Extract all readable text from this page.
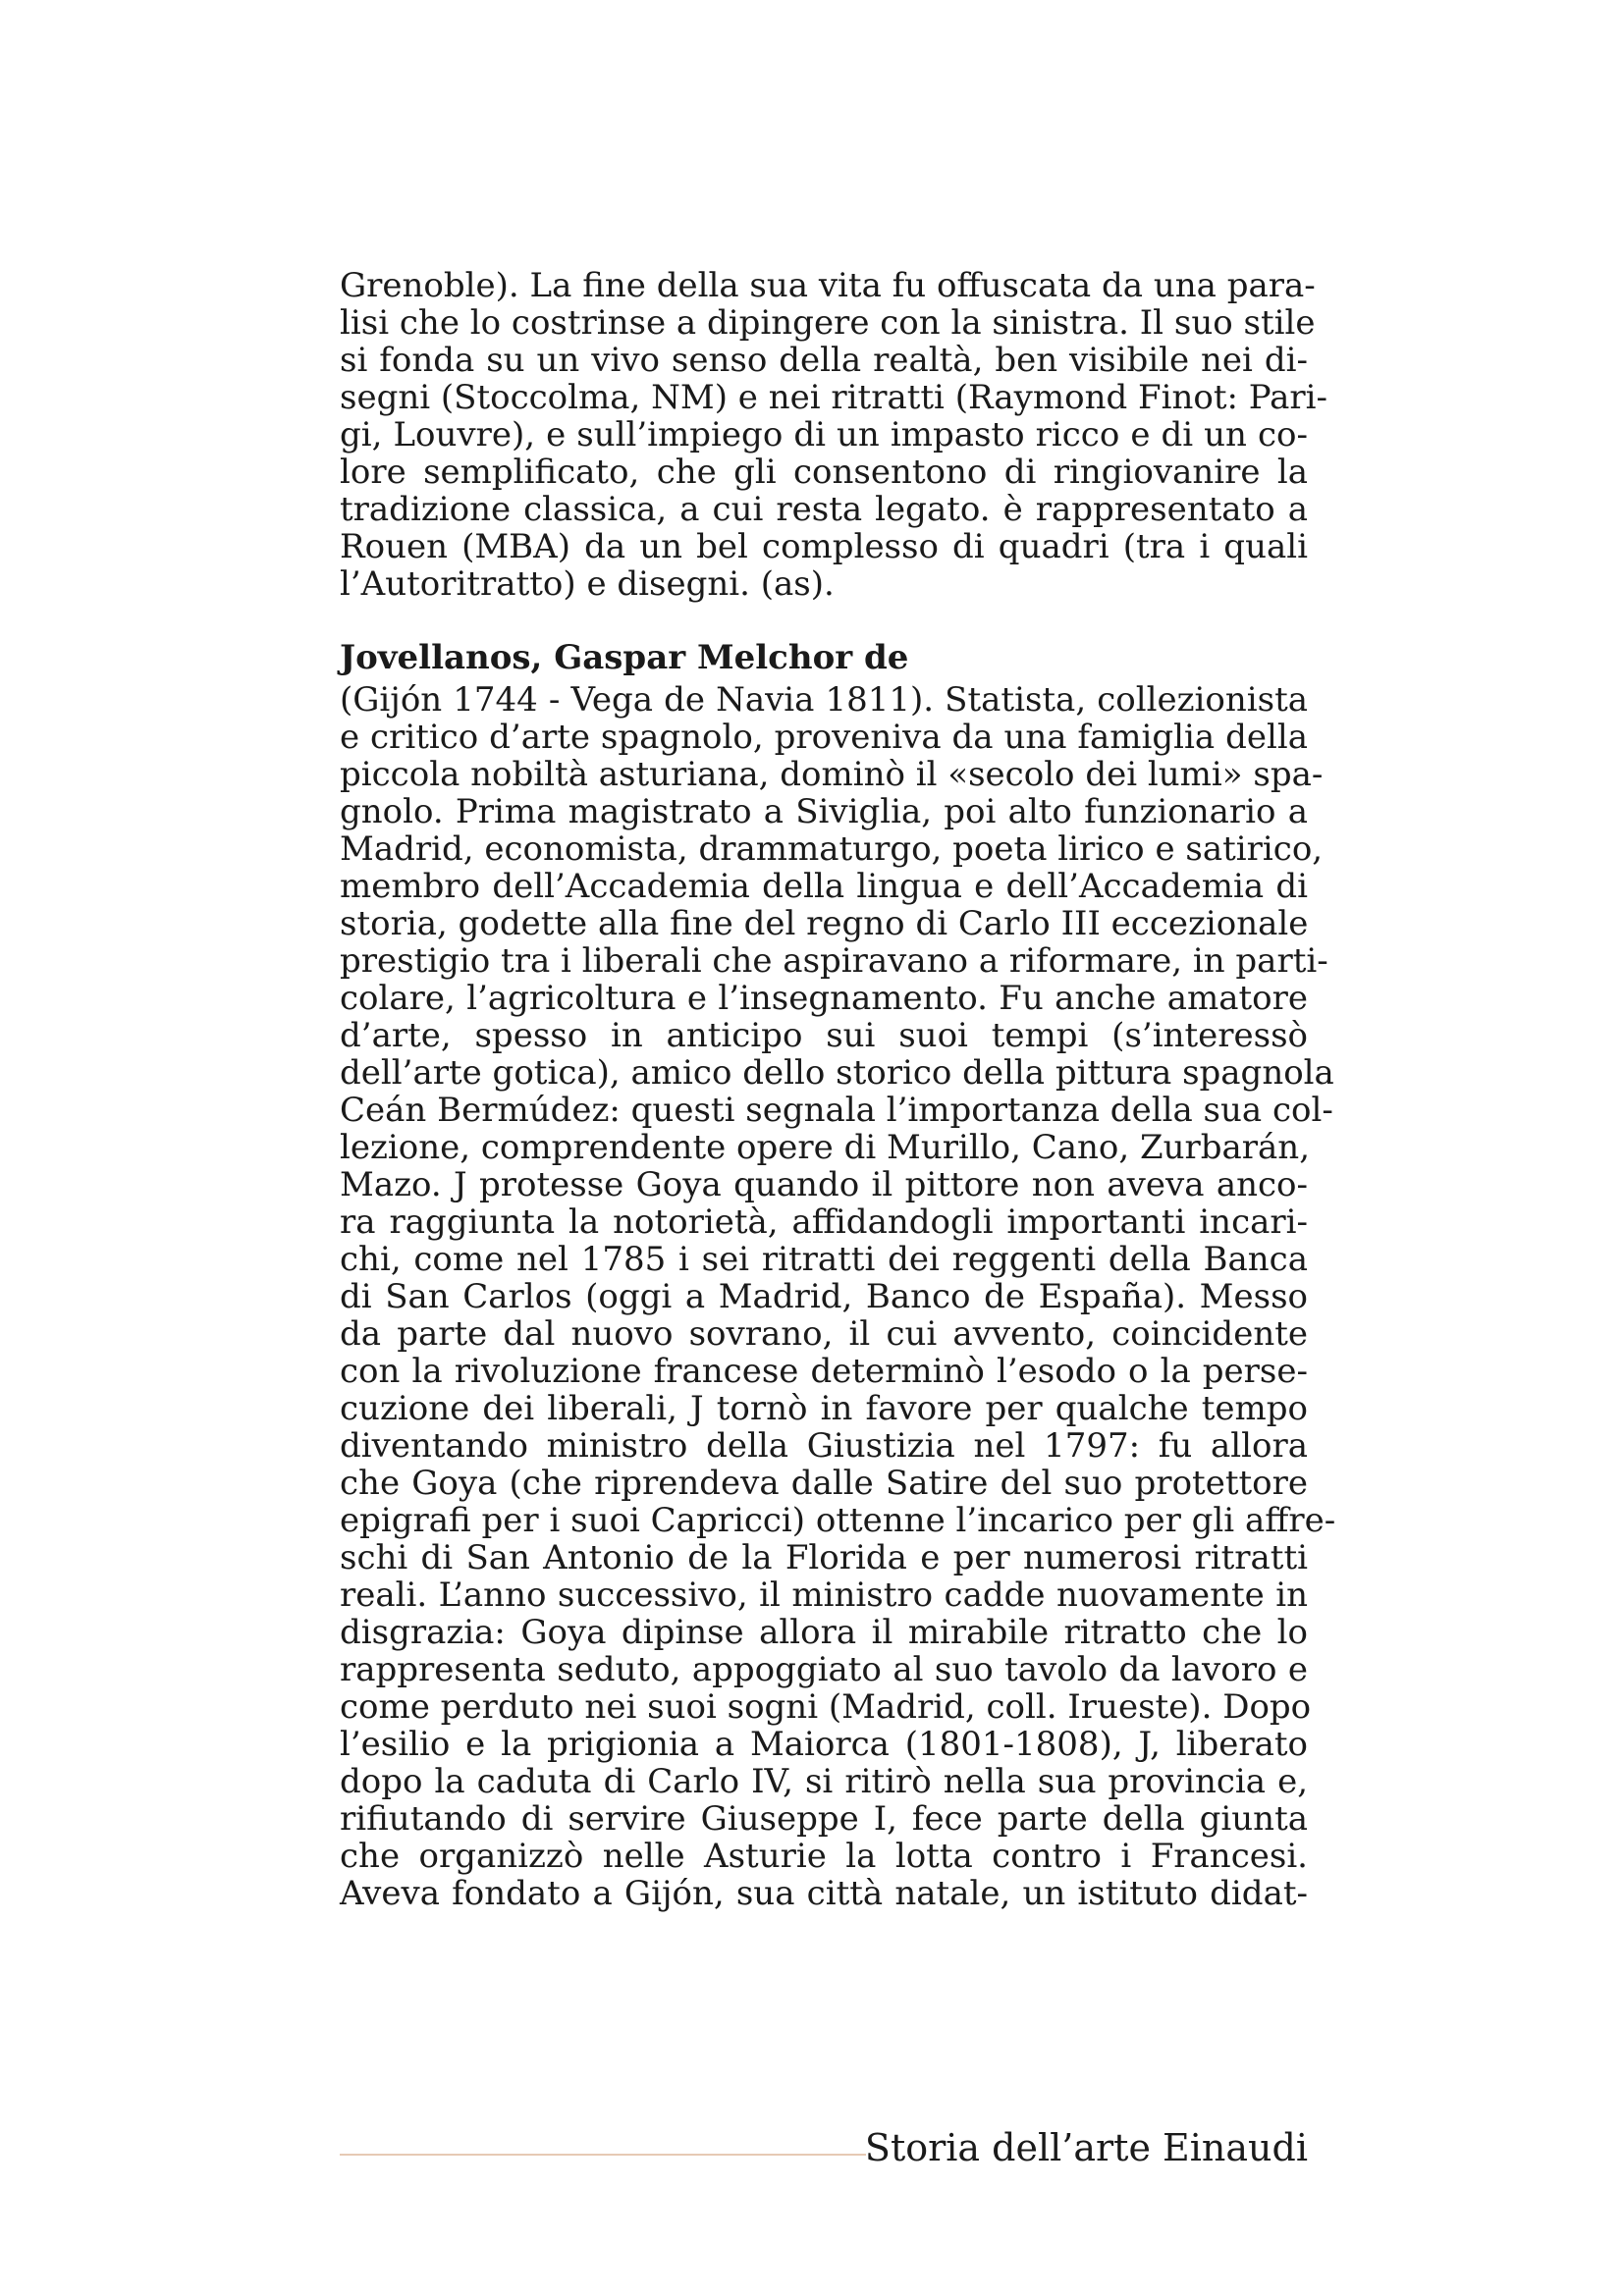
Grenoble). La fine della sua vita fu offuscata da una para-
lisi che lo costrinse a dipingere con la sinistra. Il suo stile
si fonda su un vivo senso della realtà, ben visibile nei di-
segni (Stoccolma, NM) e nei ritratti (Raymond Finot: Pari-
gi, Louvre), e sull’impiego di un impasto ricco e di un co-
lore semplificato, che gli consentono di ringiovanire la
tradizione classica, a cui resta legato. è rappresentato a
Rouen (MBA) da un bel complesso di quadri (tra i quali
l’Autoritratto) e disegni. (as).
Jovellanos, Gaspar Melchor de
(Gijón 1744 - Vega de Navia 1811). Statista, collezionista
e critico d’arte spagnolo, proveniva da una famiglia della
piccola nobiltà asturiana, dominò il «secolo dei lumi» spa-
gnolo. Prima magistrato a Siviglia, poi alto funzionario a
Madrid, economista, drammaturgo, poeta lirico e satirico,
membro dell’Accademia della lingua e dell’Accademia di
storia, godette alla fine del regno di Carlo III eccezionale
prestigio tra i liberali che aspiravano a riformare, in parti-
colare, l’agricoltura e l’insegnamento. Fu anche amatore
d’arte, spesso in anticipo sui suoi tempi (s’interessò
dell’arte gotica), amico dello storico della pittura spagnola
Ceán Bermúdez: questi segnala l’importanza della sua col-
lezione, comprendente opere di Murillo, Cano, Zurbarán,
Mazo. J protesse Goya quando il pittore non aveva anco-
ra raggiunta la notorietà, affidandogli importanti incari-
chi, come nel 1785 i sei ritratti dei reggenti della Banca
di San Carlos (oggi a Madrid, Banco de España). Messo
da parte dal nuovo sovrano, il cui avvento, coincidente
con la rivoluzione francese determinò l’esodo o la perse-
cuzione dei liberali, J tornò in favore per qualche tempo
diventando ministro della Giustizia nel 1797: fu allora
che Goya (che riprendeva dalle Satire del suo protettore
epigrafi per i suoi Capricci) ottenne l’incarico per gli affre-
schi di San Antonio de la Florida e per numerosi ritratti
reali. L’anno successivo, il ministro cadde nuovamente in
disgrazia: Goya dipinse allora il mirabile ritratto che lo
rappresenta seduto, appoggiato al suo tavolo da lavoro e
come perduto nei suoi sogni (Madrid, coll. Irueste). Dopo
l’esilio e la prigionia a Maiorca (1801-1808), J, liberato
dopo la caduta di Carlo IV, si ritirò nella sua provincia e,
rifiutando di servire Giuseppe I, fece parte della giunta
che organizzò nelle Asturie la lotta contro i Francesi.
Aveva fondato a Gijón, sua città natale, un istituto didat-
Storia dell’arte Einaudi
